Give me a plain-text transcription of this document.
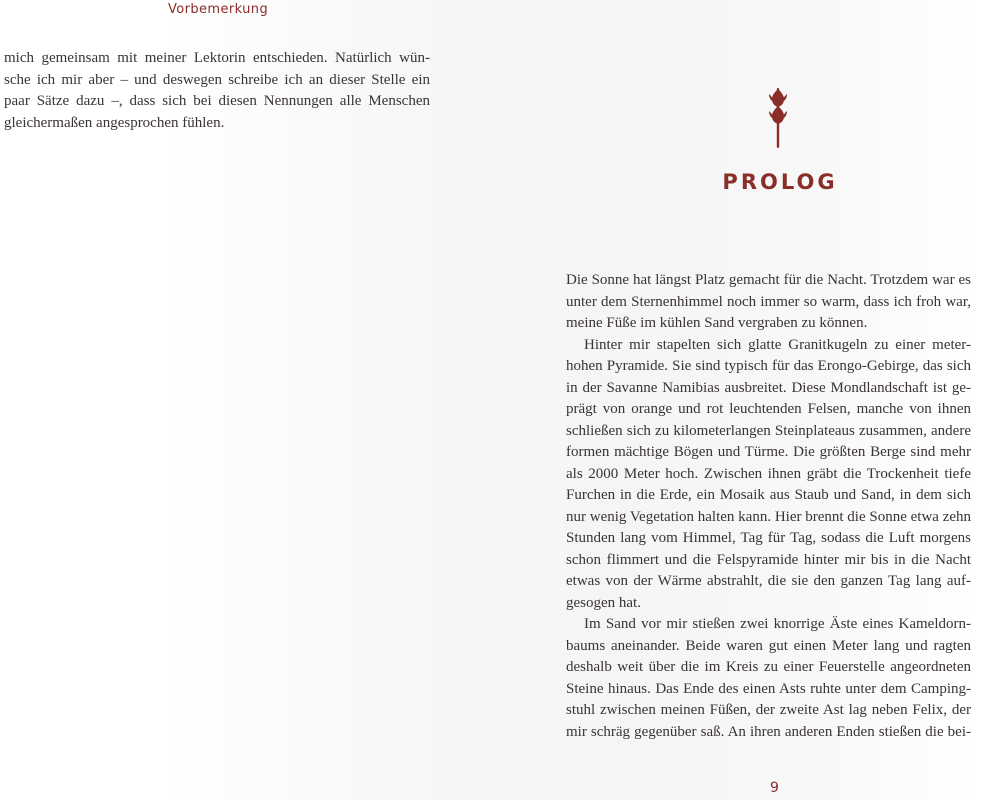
Vorbemerkung
mich gemeinsam mit meiner Lektorin entschieden. Natürlich wün-
sche ich mir aber – und deswegen schreibe ich an dieser Stelle ein
paar Sätze dazu –, dass sich bei diesen Nennungen alle Menschen
gleichermaßen angesprochen fühlen.
PROLOG
Die Sonne hat längst Platz gemacht für die Nacht. Trotzdem war es
unter dem Sternenhimmel noch immer so warm, dass ich froh war,
meine Füße im kühlen Sand vergraben zu können.
Hinter mir stapelten sich glatte Granitkugeln zu einer meter-
hohen Pyramide. Sie sind typisch für das Erongo-Gebirge, das sich
in der Savanne Namibias ausbreitet. Diese Mondlandschaft ist ge-
prägt von orange und rot leuchtenden Felsen, manche von ihnen
schließen sich zu kilometerlangen Steinplateaus zusammen, andere
formen mächtige Bögen und Türme. Die größten Berge sind mehr
als 2000 Meter hoch. Zwischen ihnen gräbt die Trockenheit tiefe
Furchen in die Erde, ein Mosaik aus Staub und Sand, in dem sich
nur wenig Vegetation halten kann. Hier brennt die Sonne etwa zehn
Stunden lang vom Himmel, Tag für Tag, sodass die Luft morgens
schon flimmert und die Felspyramide hinter mir bis in die Nacht
etwas von der Wärme abstrahlt, die sie den ganzen Tag lang auf-
gesogen hat.
Im Sand vor mir stießen zwei knorrige Äste eines Kameldorn-
baums aneinander. Beide waren gut einen Meter lang und ragten
deshalb weit über die im Kreis zu einer Feuerstelle angeordneten
Steine hinaus. Das Ende des einen Asts ruhte unter dem Camping-
stuhl zwischen meinen Füßen, der zweite Ast lag neben Felix, der
mir schräg gegenüber saß. An ihren anderen Enden stießen die bei-
9
